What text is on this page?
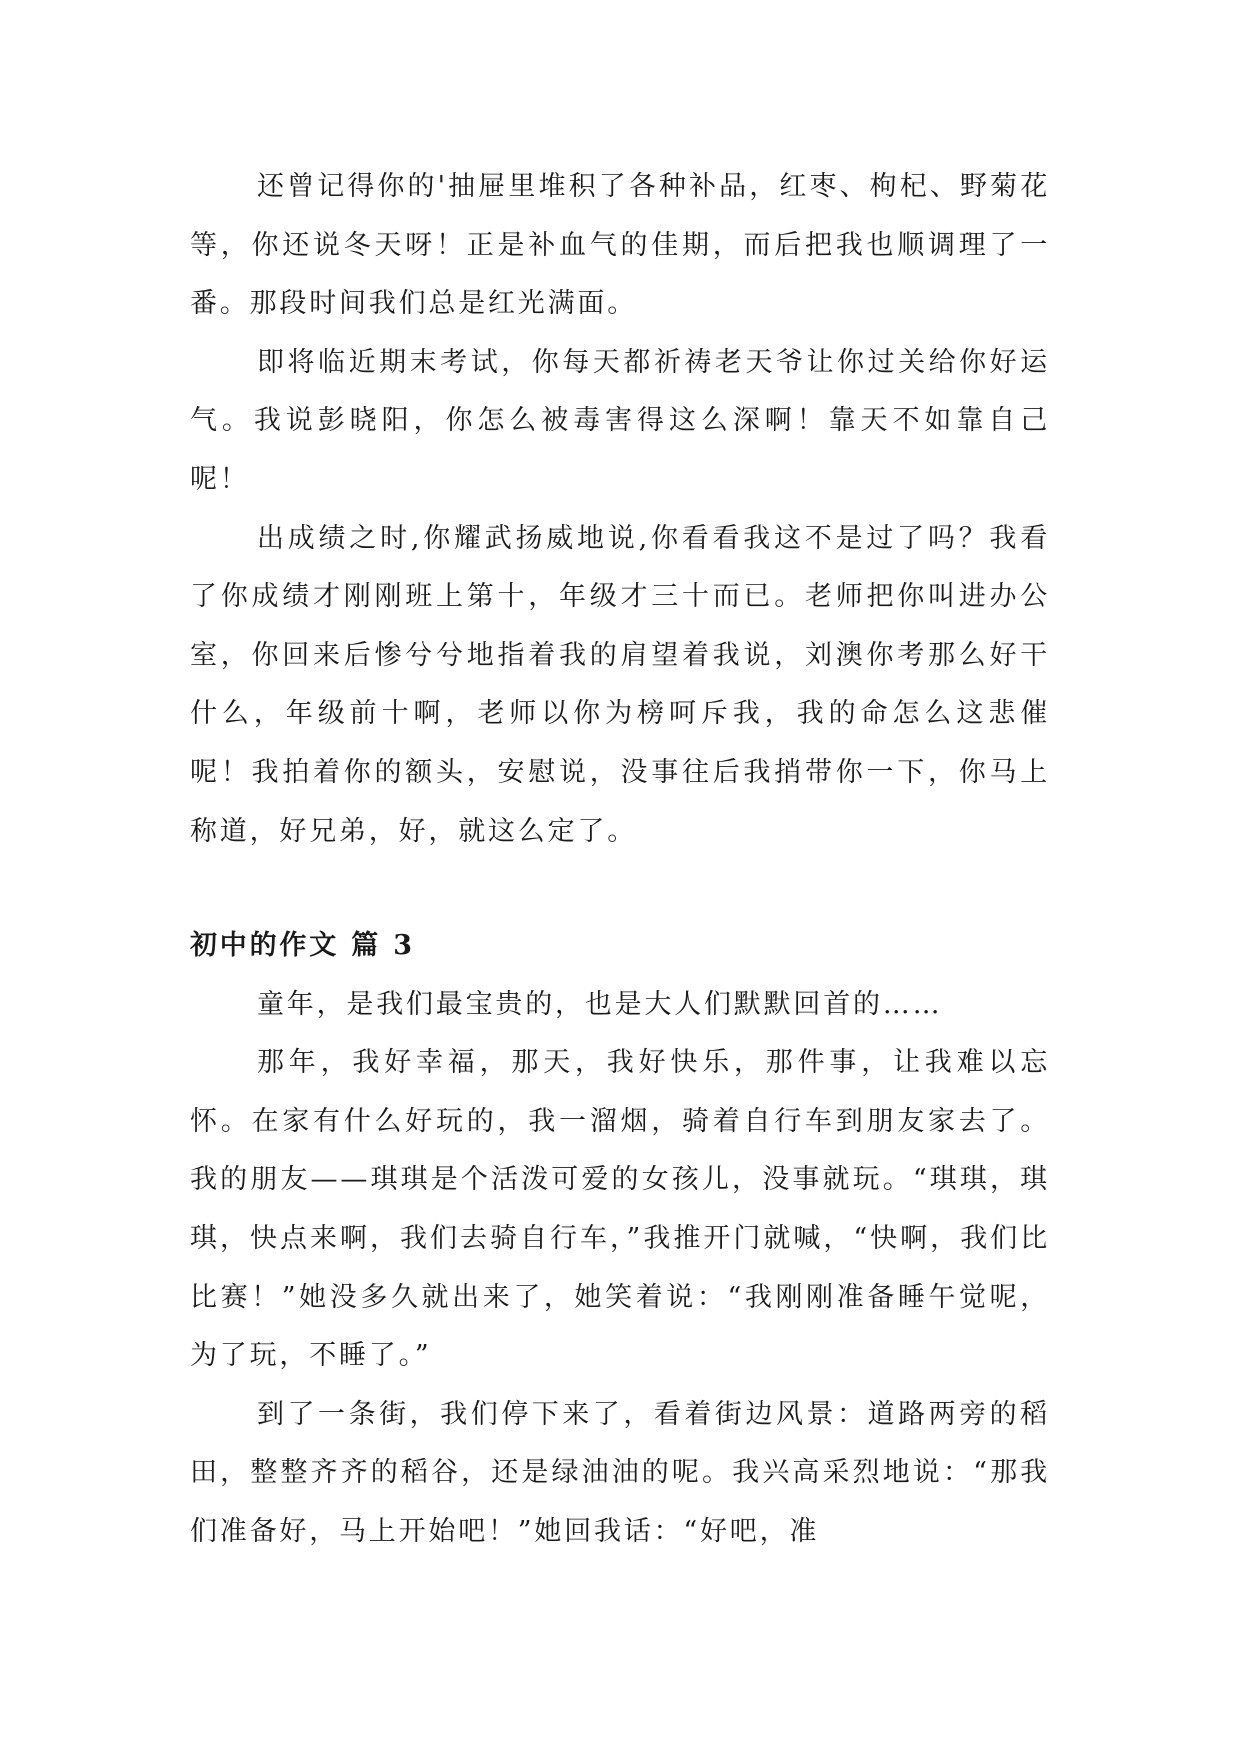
还曾记得你的'抽屉里堆积了各种补品，红枣、枸杞、野菊花等，你还说冬天呀！正是补血气的佳期，而后把我也顺调理了一番。那段时间我们总是红光满面。

即将临近期末考试，你每天都祈祷老天爷让你过关给你好运气。我说彭晓阳，你怎么被毒害得这么深啊！靠天不如靠自己呢！

出成绩之时,你耀武扬威地说,你看看我这不是过了吗？我看了你成绩才刚刚班上第十，年级才三十而已。老师把你叫进办公室，你回来后惨兮兮地指着我的肩望着我说，刘澳你考那么好干什么，年级前十啊，老师以你为榜呵斥我，我的命怎么这悲催呢！我拍着你的额头，安慰说，没事往后我捎带你一下，你马上称道，好兄弟，好，就这么定了。

初中的作文 篇 3

童年，是我们最宝贵的，也是大人们默默回首的……

那年，我好幸福，那天，我好快乐，那件事，让我难以忘怀。在家有什么好玩的，我一溜烟，骑着自行车到朋友家去了。我的朋友——琪琪是个活泼可爱的女孩儿，没事就玩。“琪琪，琪琪，快点来啊，我们去骑自行车，”我推开门就喊，“快啊，我们比比赛！”她没多久就出来了，她笑着说：“我刚刚准备睡午觉呢，为了玩，不睡了。”

到了一条街，我们停下来了，看着街边风景：道路两旁的稻田，整整齐齐的稻谷，还是绿油油的呢。我兴高采烈地说：“那我们准备好，马上开始吧！”她回我话：“好吧，准
